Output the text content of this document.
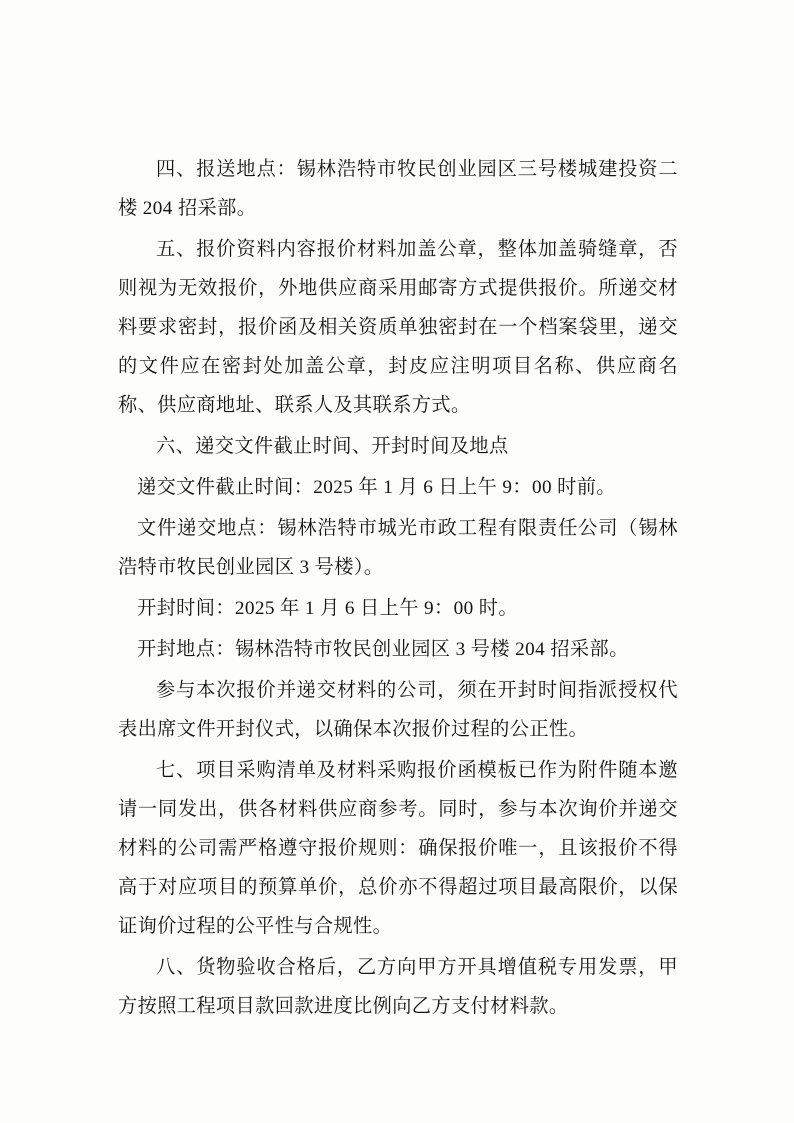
四、报送地点：锡林浩特市牧民创业园区三号楼城建投资二楼 204 招采部。

五、报价资料内容报价材料加盖公章，整体加盖骑缝章，否则视为无效报价，外地供应商采用邮寄方式提供报价。所递交材料要求密封，报价函及相关资质单独密封在一个档案袋里，递交的文件应在密封处加盖公章，封皮应注明项目名称、供应商名称、供应商地址、联系人及其联系方式。

六、递交文件截止时间、开封时间及地点

递交文件截止时间：2025 年 1 月 6 日上午 9：00 时前。

文件递交地点：锡林浩特市城光市政工程有限责任公司（锡林浩特市牧民创业园区 3 号楼）。

开封时间：2025 年 1 月 6 日上午 9：00 时。

开封地点：锡林浩特市牧民创业园区 3 号楼 204 招采部。

参与本次报价并递交材料的公司，须在开封时间指派授权代表出席文件开封仪式，以确保本次报价过程的公正性。

七、项目采购清单及材料采购报价函模板已作为附件随本邀请一同发出，供各材料供应商参考。同时，参与本次询价并递交材料的公司需严格遵守报价规则：确保报价唯一，且该报价不得高于对应项目的预算单价，总价亦不得超过项目最高限价，以保证询价过程的公平性与合规性。

八、货物验收合格后，乙方向甲方开具增值税专用发票，甲方按照工程项目款回款进度比例向乙方支付材料款。
